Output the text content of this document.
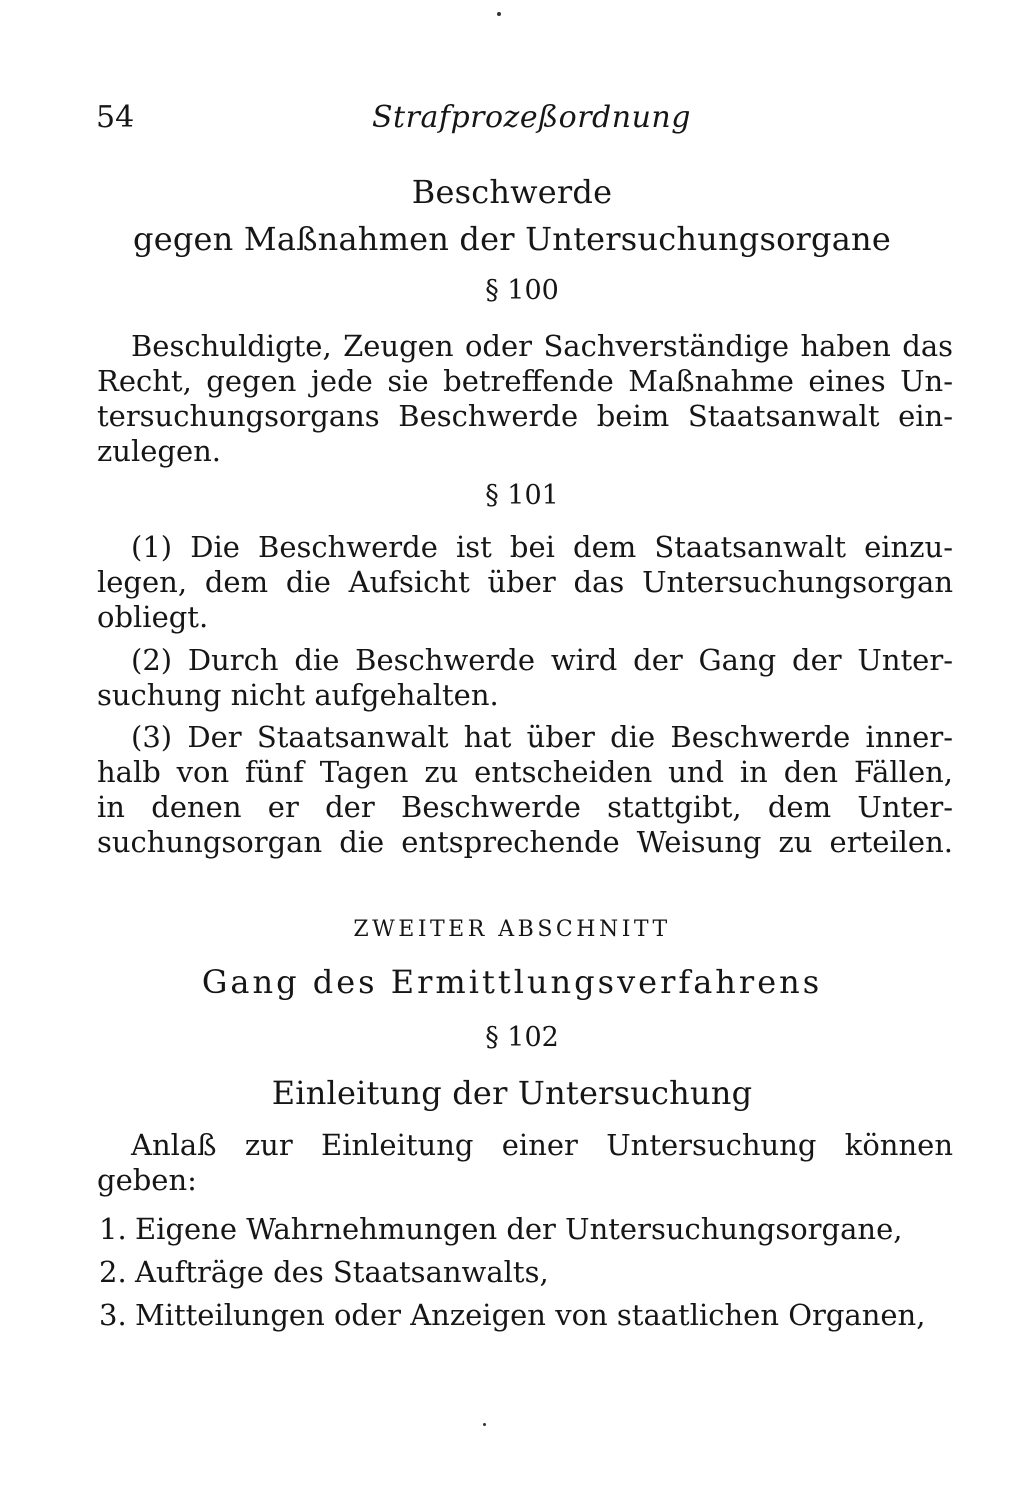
54	Strafprozeßordnung

Beschwerde

gegen Maßnahmen der Untersuchungsorgane

§ 100

Beschuldigte, Zeugen oder Sachverständige haben das
Recht, gegen jede sie betreffende Maßnahme eines Un-
tersuchungsorgans Beschwerde beim Staatsanwalt ein-
zulegen.

§ 101

(1) Die Beschwerde ist bei dem Staatsanwalt einzu-
legen, dem die Aufsicht über das Untersuchungsorgan
obliegt.
(2) Durch die Beschwerde wird der Gang der Unter-
suchung nicht aufgehalten.
(3) Der Staatsanwalt hat über die Beschwerde inner-
halb von fünf Tagen zu entscheiden und in den Fällen,
in denen er der Beschwerde stattgibt, dem Unter-
suchungsorgan die entsprechende Weisung zu erteilen.

ZWEITER ABSCHNITT

Gang des Ermittlungsverfahrens

§ 102

Einleitung der Untersuchung

Anlaß zur Einleitung einer Untersuchung können
geben:
1. Eigene Wahrnehmungen der Untersuchungsorgane,
2. Aufträge des Staatsanwalts,
3. Mitteilungen oder Anzeigen von staatlichen Organen,
